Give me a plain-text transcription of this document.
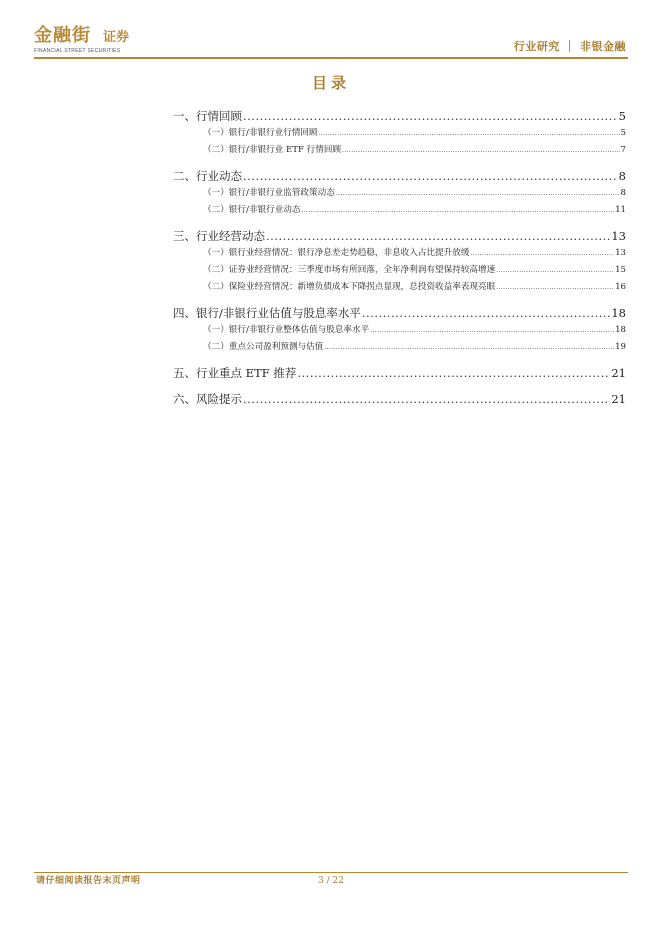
金融街 证券
FINANCIAL STREET SECURITIES	行业研究 ｜ 非银金融
目录
一、行情回顾 .....	5
（一）银行/非银行业行情回顾 .....	5
（二）银行/非银行业 ETF 行情回顾 .....	7
二、行业动态 .....	8
（一）银行/非银行业监管政策动态 .....	8
（二）银行/非银行业动态 .....	11
三、行业经营动态 .....	13
（一）银行业经营情况：银行净息差走势趋稳，非息收入占比提升放缓 .....	13
（二）证券业经营情况：三季度市场有所回落，全年净利润有望保持较高增速 .....	15
（二）保险业经营情况：新增负债成本下降拐点显现，总投资收益率表现亮眼 .....	16
四、银行/非银行业估值与股息率水平 .....	18
（一）银行/非银行业整体估值与股息率水平 .....	18
（二）重点公司盈利预测与估值 .....	19
五、行业重点 ETF 推荐 .....	21
六、风险提示 .....	21
请仔细阅读报告末页声明	3 / 22
